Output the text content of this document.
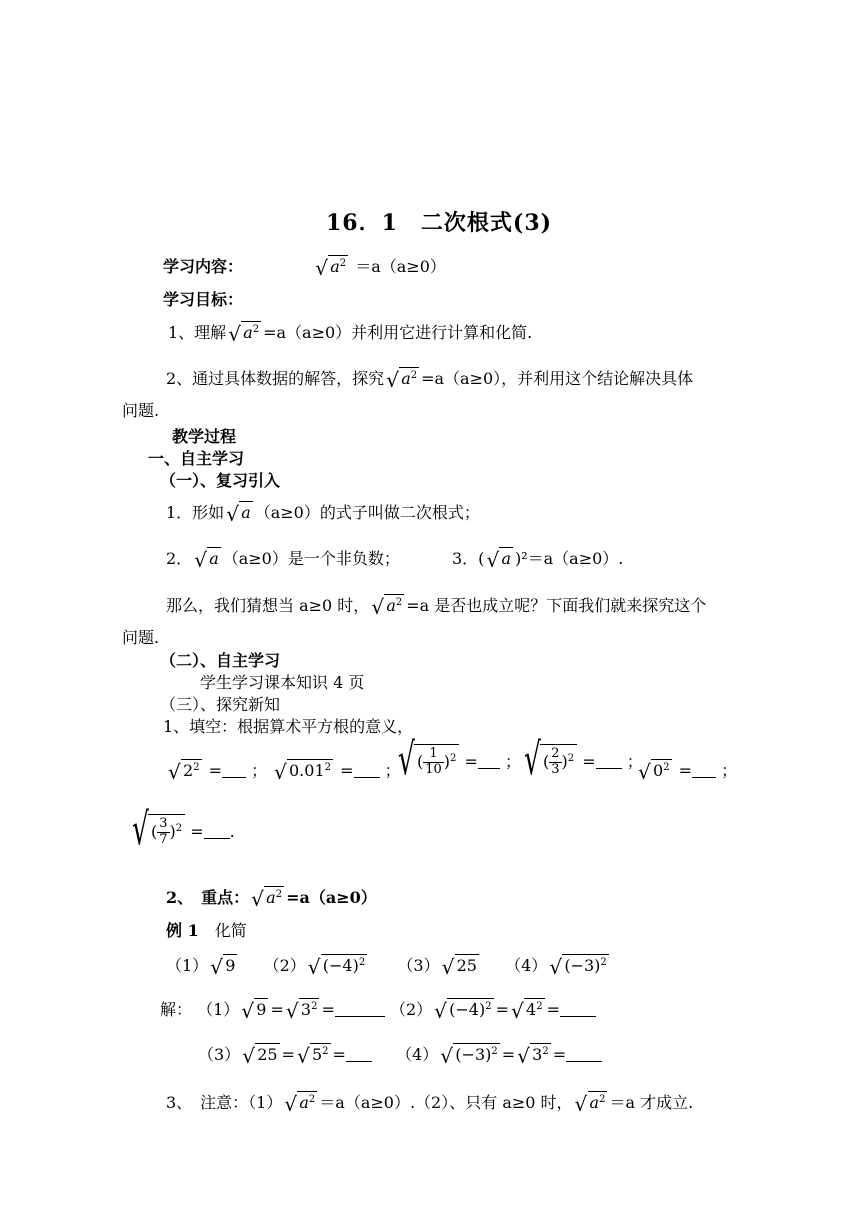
16．1　二次根式(3)
学习内容：	√ $a^2 =a(a\ge 0)$
学习目标：
1、理解 √ $a^2 =a(a\ge 0)$并利用它进行计算和化简.
2、通过具体数据的解答，探究 √ $a^2 =a(a\ge 0)$，并利用这个结论解决具体
问题.
教学过程
一、自主学习
（一）、复习引入
1．形如 √ a （a≥0）的式子叫做二次根式；
2． √ a （a≥0）是一个非负数；	3．( √ a )²＝a（a≥0）.
那么，我们猜想当 a≥0 时， √ $a^2 =a$ 是否也成立呢？下面我们就来探究这个
问题.
（二）、自主学习
学生学习课本知识 4 页
（三）、探究新知
1、填空：根据算术平方根的意义，
√ $2^2$ = ； √ $0.01^2$ = ；
√ ( $\frac{1}{10} )^2$ = ； √ ( $\frac{2}{3} )^2$ = ；
√ $0^2$ = ；
√ ( $\frac{3}{7} )^2$ = .
2、　重点： √ $a^2 =a(a\ge 0)$
例 1　 化简
（1） √ 9 （2） √ $(-4)^2$ （3） √ 25 （4） √ $(-3)^2$
解： （1） √ 9 = √ $3^2$ =	（2） √ $(-4)^2$ = √ $4^2$ =
（3） √ 25 = √ $5^2$ =	（4） √ $(-3)^2$ = √ $3^2$ =
3、　注意：（1） √ $a^2 =a(a\ge 0).(2)$、只有 a≥0 时， √ $a^2 =a$ 才成立.
